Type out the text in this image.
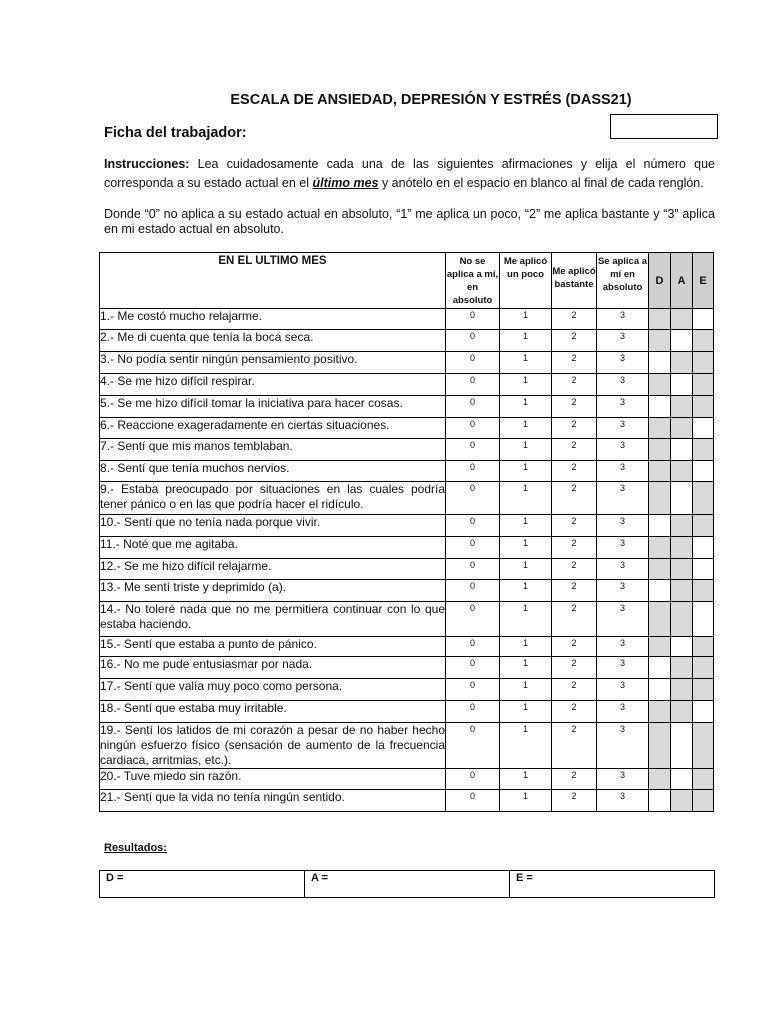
ESCALA DE ANSIEDAD, DEPRESIÓN Y ESTRÉS (DASS21)
Ficha del trabajador:
Instrucciones: Lea cuidadosamente cada una de las siguientes afirmaciones y elija el número que corresponda a su estado actual en el último mes y anótelo en el espacio en blanco al final de cada renglón.
Donde “0” no aplica a su estado actual en absoluto, “1” me aplica un poco, “2” me aplica bastante y “3” aplica en mi estado actual en absoluto.
EN EL ULTIMO MES	No se aplica a mí, en absoluto	Me aplicó un poco	Me aplicó bastante	Se aplica a mí en absoluto	D	A	E
1.- Me costó mucho relajarme.	0	1	2	3			
2.- Me di cuenta que tenía la boca seca.	0	1	2	3			
3.- No podía sentir ningún pensamiento positivo.	0	1	2	3			
4.- Se me hizo difícil respirar.	0	1	2	3			
5.- Se me hizo difícil tomar la iniciativa para hacer cosas.	0	1	2	3			
6.- Reaccione exageradamente en ciertas situaciones.	0	1	2	3			
7.- Sentí que mis manos temblaban.	0	1	2	3			
8.- Sentí que tenía muchos nervios.	0	1	2	3			
9.- Estaba preocupado por situaciones en las cuales podría tener pánico o en las que podría hacer el ridículo.	0	1	2	3			
10.- Sentí que no tenía nada porque vivir.	0	1	2	3			
11.- Noté que me agitaba.	0	1	2	3			
12.- Se me hizo difícil relajarme.	0	1	2	3			
13.- Me sentí triste y deprimido (a).	0	1	2	3			
14.- No toleré nada que no me permitiera continuar con lo que estaba haciendo.	0	1	2	3			
15.- Sentí que estaba a punto de pánico.	0	1	2	3			
16.- No me pude entusiasmar por nada.	0	1	2	3			
17.- Sentí que valía muy poco como persona.	0	1	2	3			
18.- Sentí que estaba muy irritable.	0	1	2	3			
19.- Sentí los latidos de mi corazón a pesar de no haber hecho ningún esfuerzo físico (sensación de aumento de la frecuencia cardiaca, arritmias, etc.).	0	1	2	3			
20.- Tuve miedo sin razón.	0	1	2	3			
21.- Sentí que la vida no tenía ningún sentido.	0	1	2	3			
Resultados:
D =	A =	E =
